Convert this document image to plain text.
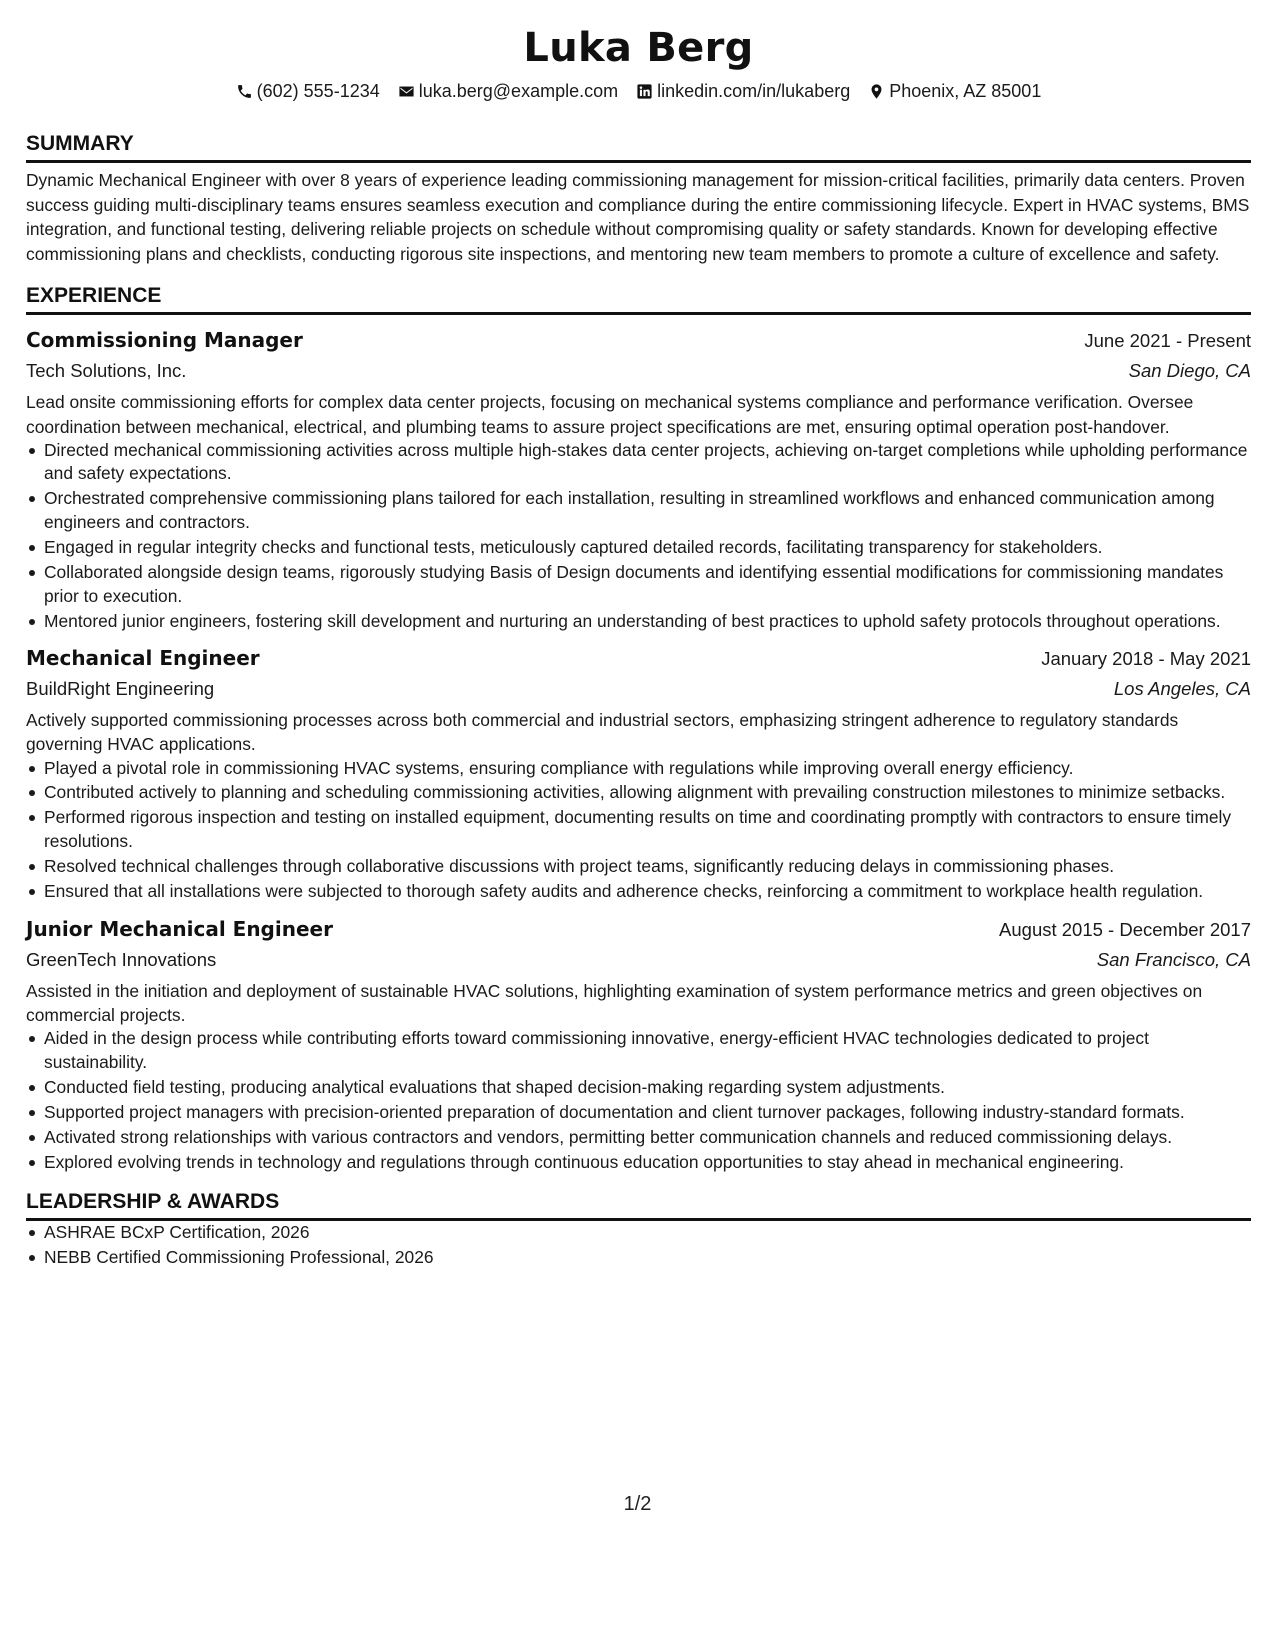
Luka Berg
(602) 555-1234 luka.berg@example.com linkedin.com/in/lukaberg Phoenix, AZ 85001
SUMMARY
Dynamic Mechanical Engineer with over 8 years of experience leading commissioning management for mission-critical facilities, primarily data centers. Proven success guiding multi-disciplinary teams ensures seamless execution and compliance during the entire commissioning lifecycle. Expert in HVAC systems, BMS integration, and functional testing, delivering reliable projects on schedule without compromising quality or safety standards. Known for developing effective commissioning plans and checklists, conducting rigorous site inspections, and mentoring new team members to promote a culture of excellence and safety.
EXPERIENCE
Commissioning Manager	June 2021 - Present
Tech Solutions, Inc.	San Diego, CA
Lead onsite commissioning efforts for complex data center projects, focusing on mechanical systems compliance and performance verification. Oversee coordination between mechanical, electrical, and plumbing teams to assure project specifications are met, ensuring optimal operation post-handover.
Directed mechanical commissioning activities across multiple high-stakes data center projects, achieving on-target completions while upholding performance and safety expectations.
Orchestrated comprehensive commissioning plans tailored for each installation, resulting in streamlined workflows and enhanced communication among engineers and contractors.
Engaged in regular integrity checks and functional tests, meticulously captured detailed records, facilitating transparency for stakeholders.
Collaborated alongside design teams, rigorously studying Basis of Design documents and identifying essential modifications for commissioning mandates prior to execution.
Mentored junior engineers, fostering skill development and nurturing an understanding of best practices to uphold safety protocols throughout operations.
Mechanical Engineer	January 2018 - May 2021
BuildRight Engineering	Los Angeles, CA
Actively supported commissioning processes across both commercial and industrial sectors, emphasizing stringent adherence to regulatory standards governing HVAC applications.
Played a pivotal role in commissioning HVAC systems, ensuring compliance with regulations while improving overall energy efficiency.
Contributed actively to planning and scheduling commissioning activities, allowing alignment with prevailing construction milestones to minimize setbacks.
Performed rigorous inspection and testing on installed equipment, documenting results on time and coordinating promptly with contractors to ensure timely resolutions.
Resolved technical challenges through collaborative discussions with project teams, significantly reducing delays in commissioning phases.
Ensured that all installations were subjected to thorough safety audits and adherence checks, reinforcing a commitment to workplace health regulation.
Junior Mechanical Engineer	August 2015 - December 2017
GreenTech Innovations	San Francisco, CA
Assisted in the initiation and deployment of sustainable HVAC solutions, highlighting examination of system performance metrics and green objectives on commercial projects.
Aided in the design process while contributing efforts toward commissioning innovative, energy-efficient HVAC technologies dedicated to project sustainability.
Conducted field testing, producing analytical evaluations that shaped decision-making regarding system adjustments.
Supported project managers with precision-oriented preparation of documentation and client turnover packages, following industry-standard formats.
Activated strong relationships with various contractors and vendors, permitting better communication channels and reduced commissioning delays.
Explored evolving trends in technology and regulations through continuous education opportunities to stay ahead in mechanical engineering.
LEADERSHIP & AWARDS
ASHRAE BCxP Certification, 2026
NEBB Certified Commissioning Professional, 2026
1/2
